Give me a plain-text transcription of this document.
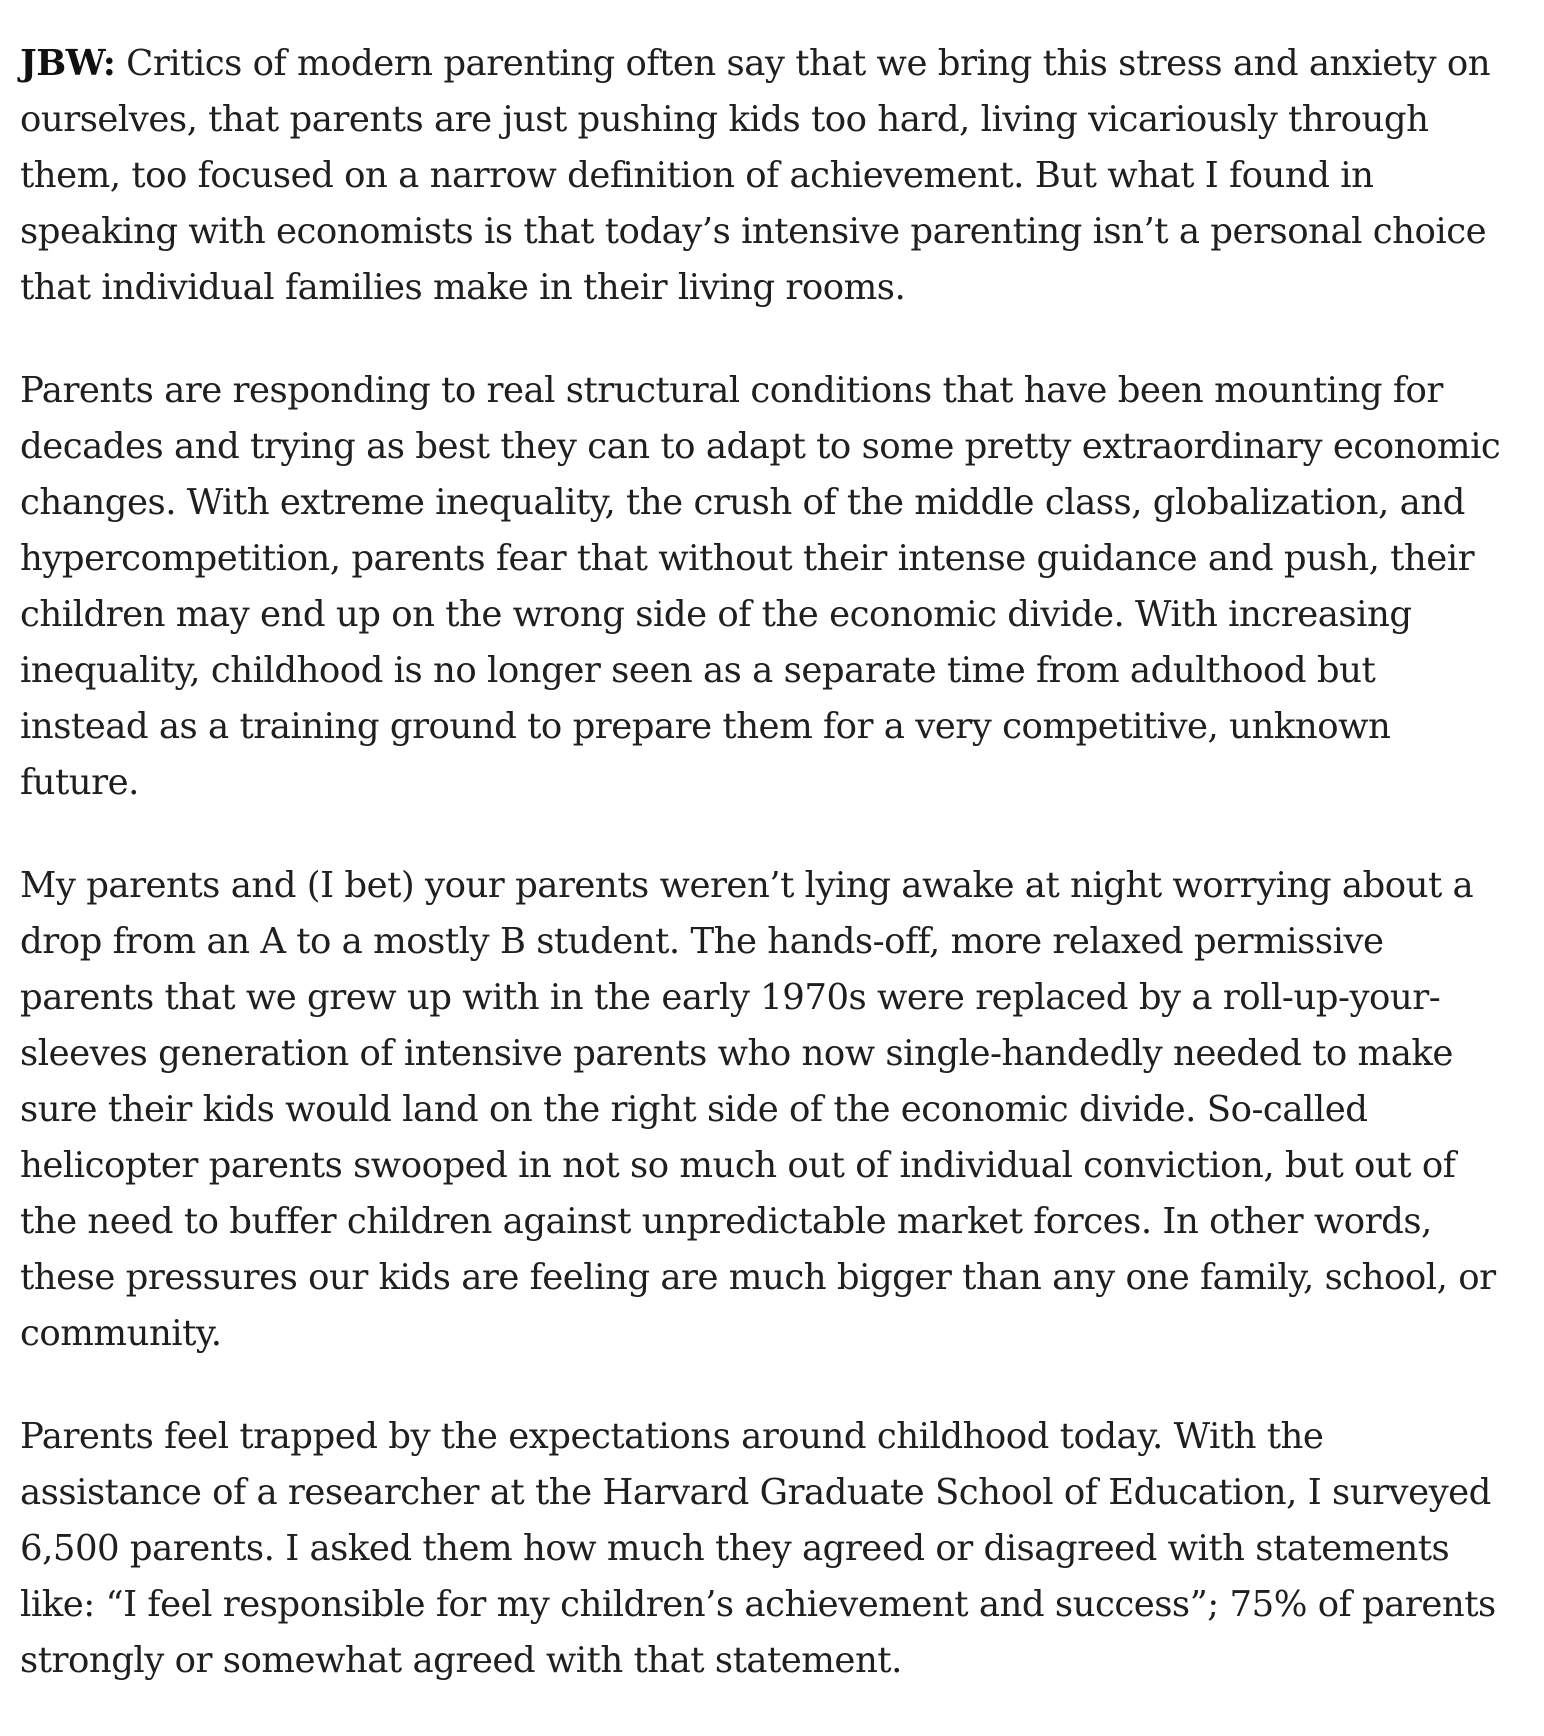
JBW: Critics of modern parenting often say that we bring this stress and anxiety on ourselves, that parents are just pushing kids too hard, living vicariously through them, too focused on a narrow definition of achievement. But what I found in speaking with economists is that today’s intensive parenting isn’t a personal choice that individual families make in their living rooms.

Parents are responding to real structural conditions that have been mounting for decades and trying as best they can to adapt to some pretty extraordinary economic changes. With extreme inequality, the crush of the middle class, globalization, and hypercompetition, parents fear that without their intense guidance and push, their children may end up on the wrong side of the economic divide. With increasing inequality, childhood is no longer seen as a separate time from adulthood but instead as a training ground to prepare them for a very competitive, unknown future.

My parents and (I bet) your parents weren’t lying awake at night worrying about a drop from an A to a mostly B student. The hands-off, more relaxed permissive parents that we grew up with in the early 1970s were replaced by a roll-up-your-sleeves generation of intensive parents who now single-handedly needed to make sure their kids would land on the right side of the economic divide. So-called helicopter parents swooped in not so much out of individual conviction, but out of the need to buffer children against unpredictable market forces. In other words, these pressures our kids are feeling are much bigger than any one family, school, or community.

Parents feel trapped by the expectations around childhood today. With the assistance of a researcher at the Harvard Graduate School of Education, I surveyed 6,500 parents. I asked them how much they agreed or disagreed with statements like: “I feel responsible for my children’s achievement and success”; 75% of parents strongly or somewhat agreed with that statement.
